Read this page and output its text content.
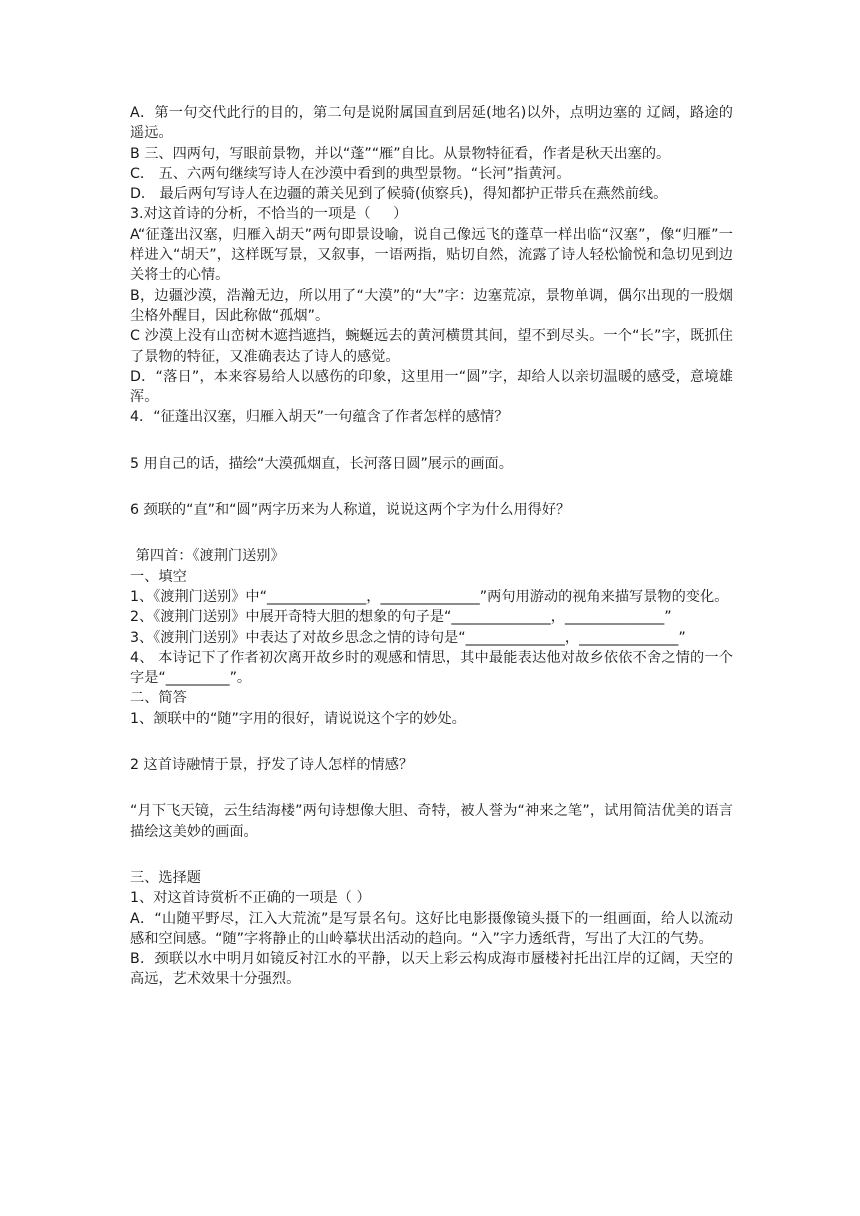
A．第一句交代此行的目的，第二句是说附属国直到居延(地名)以外，点明边塞的 辽阔，路途的遥远。

B 三、四两句，写眼前景物，并以“蓬”“雁”自比。从景物特征看，作者是秋天出塞的。

C． 五、六两句继续写诗人在沙漠中看到的典型景物。“长河”指黄河。

D． 最后两句写诗人在边疆的萧关见到了候骑(侦察兵)，得知都护正带兵在燕然前线。

3.对这首诗的分析，不恰当的一项是（     ）

A“征蓬出汉塞，归雁入胡天”两句即景设喻，说自己像远飞的蓬草一样出临“汉塞”，像“归雁”一样进入“胡天”，这样既写景，又叙事，一语两指，贴切自然，流露了诗人轻松愉悦和急切见到边关将士的心情。

B，边疆沙漠，浩瀚无边，所以用了“大漠”的“大”字：边塞荒凉，景物单调，偶尔出现的一股烟尘格外醒目，因此称做“孤烟”。

C 沙漠上没有山峦树木遮挡遮挡，蜿蜒远去的黄河横贯其间，望不到尽头。一个“长”字，既抓住了景物的特征，又准确表达了诗人的感觉。

D．“落日”，本来容易给人以感伤的印象，这里用一“圆”字，却给人以亲切温暖的感受，意境雄浑。

4．“征蓬出汉塞，归雁入胡天”一句蕴含了作者怎样的感情？

5 用自己的话，描绘“大漠孤烟直，长河落日圆”展示的画面。

6 颈联的“直”和“圆”两字历来为人称道，说说这两个字为什么用得好？

第四首：《渡荆门送别》

一、填空

1、《渡荆门送别》中“______________，______________”两句用游动的视角来描写景物的变化。

2、《渡荆门送别》中展开奇特大胆的想象的句子是“______________，______________”

3、《渡荆门送别》中表达了对故乡思念之情的诗句是“______________，______________”

4、 本诗记下了作者初次离开故乡时的观感和情思，其中最能表达他对故乡依依不舍之情的一个字是“_________”。

二、简答

1、颔联中的“随”字用的很好，请说说这个字的妙处。

2 这首诗融情于景，抒发了诗人怎样的情感？

“月下飞天镜，云生结海楼”两句诗想像大胆、奇特，被人誉为“神来之笔”，试用简洁优美的语言描绘这美妙的画面。

三、选择题

1、对这首诗赏析不正确的一项是（ ）

A．“山随平野尽，江入大荒流”是写景名句。这好比电影摄像镜头摄下的一组画面，给人以流动感和空间感。“随”字将静止的山岭摹状出活动的趋向。“入”字力透纸背，写出了大江的气势。

B．颈联以水中明月如镜反衬江水的平静，以天上彩云构成海市蜃楼衬托出江岸的辽阔，天空的高远，艺术效果十分强烈。
